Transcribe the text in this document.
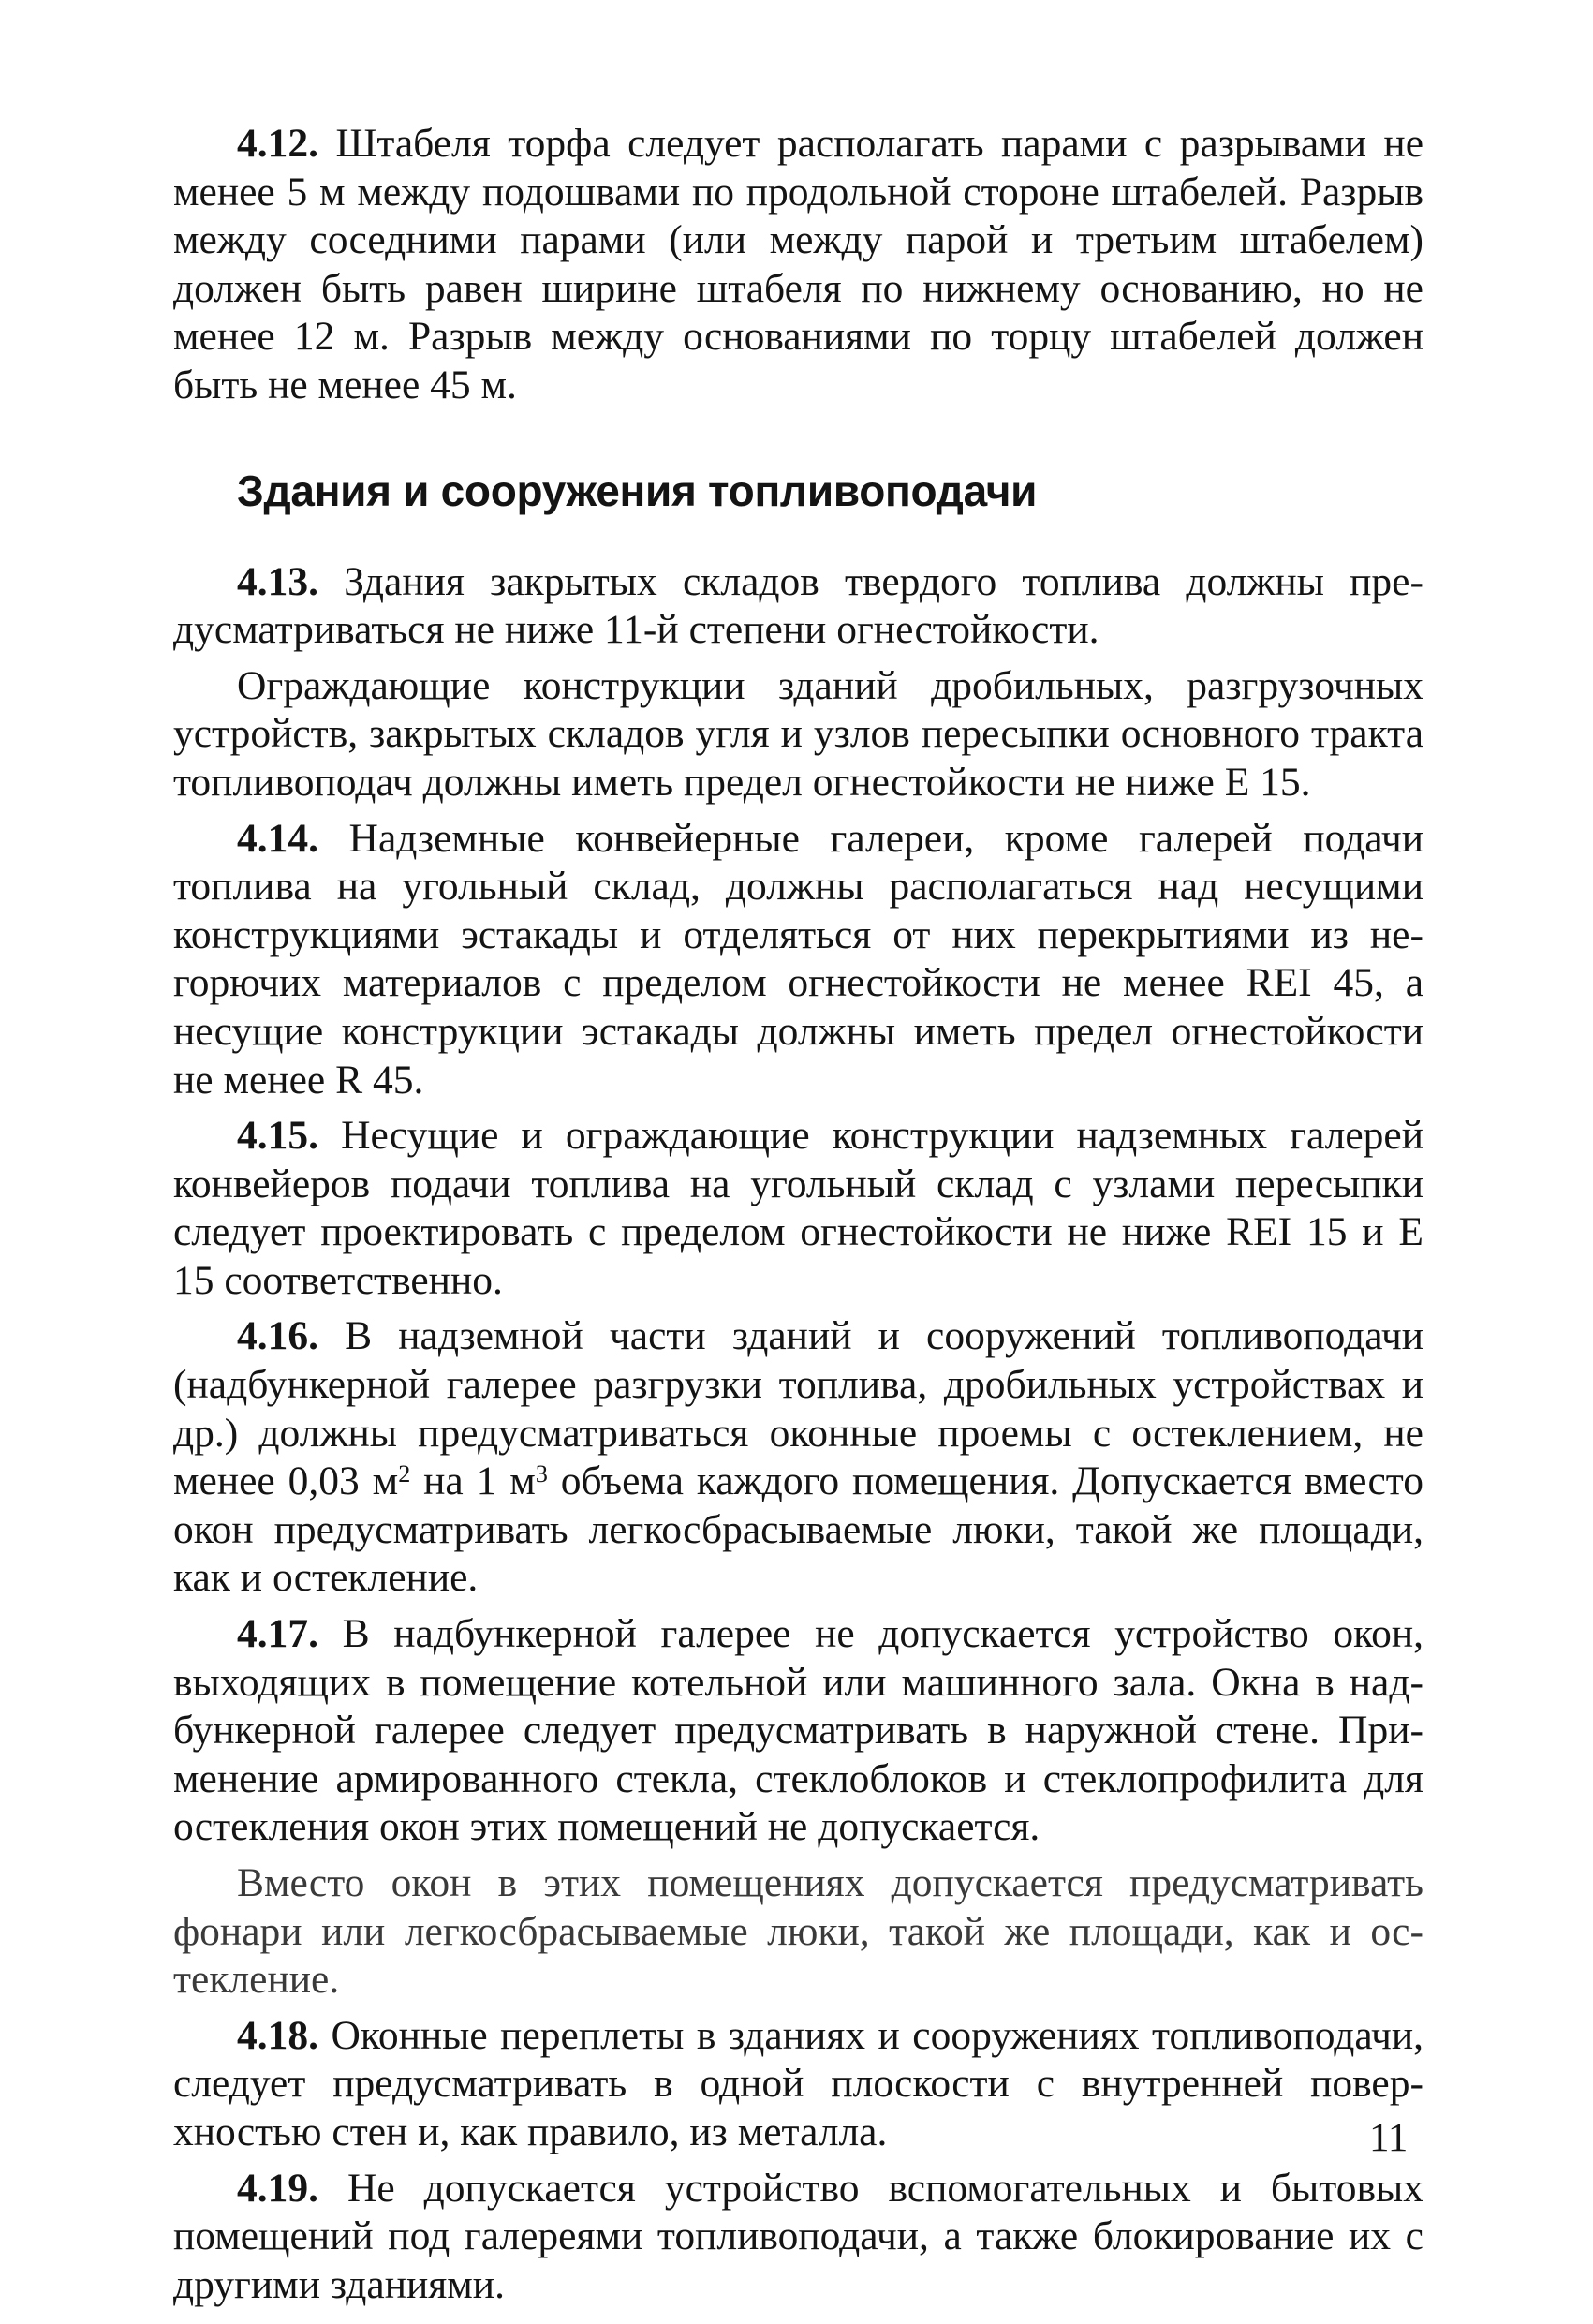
4.12. Штабеля торфа следует располагать парами с разрывами не менее 5 м между подошвами по продольной стороне штабелей. Разрыв между соседними парами (или между парой и третьим штабелем) должен быть равен ширине штабеля по нижнему основанию, но не менее 12 м. Разрыв между основаниями по торцу штабелей должен быть не менее 45 м.

Здания и сооружения топливоподачи

4.13. Здания закрытых складов твердого топлива должны предусматриваться не ниже 11-й степени огнестойкости.

Ограждающие конструкции зданий дробильных, разгрузочных устройств, закрытых складов угля и узлов пересыпки основного тракта топливоподач должны иметь предел огнестойкости не ниже Е 15.

4.14. Надземные конвейерные галереи, кроме галерей подачи топлива на угольный склад, должны располагаться над несущими конструкциями эстакады и отделяться от них перекрытиями из негорючих материалов с пределом огнестойкости не менее REI 45, а несущие конструкции эстакады должны иметь предел огнестойкости не менее R 45.

4.15. Несущие и ограждающие конструкции надземных галерей конвейеров подачи топлива на угольный склад с узлами пересыпки следует проектировать с пределом огнестойкости не ниже REI 15 и Е 15 соответственно.

4.16. В надземной части зданий и сооружений топливоподачи (надбункерной галерее разгрузки топлива, дробильных устройствах и др.) должны предусматриваться оконные проемы с остеклением, не менее 0,03 $м^2$ на 1 $м^3$ объема каждого помещения. Допускается вместо окон предусматривать легкосбрасываемые люки, такой же площади, как и остекление.

4.17. В надбункерной галерее не допускается устройство окон, выходящих в помещение котельной или машинного зала. Окна в надбункерной галерее следует предусматривать в наружной стене. Применение армированного стекла, стеклоблоков и стеклопрофилита для остекления окон этих помещений не допускается.

Вместо окон в этих помещениях допускается предусматривать фонари или легкосбрасываемые люки, такой же площади, как и остекление.

4.18. Оконные переплеты в зданиях и сооружениях топливоподачи, следует предусматривать в одной плоскости с внутренней поверхностью стен и, как правило, из металла.

4.19. Не допускается устройство вспомогательных и бытовых помещений под галереями топливоподачи, а также блокирование их с другими зданиями.

11
